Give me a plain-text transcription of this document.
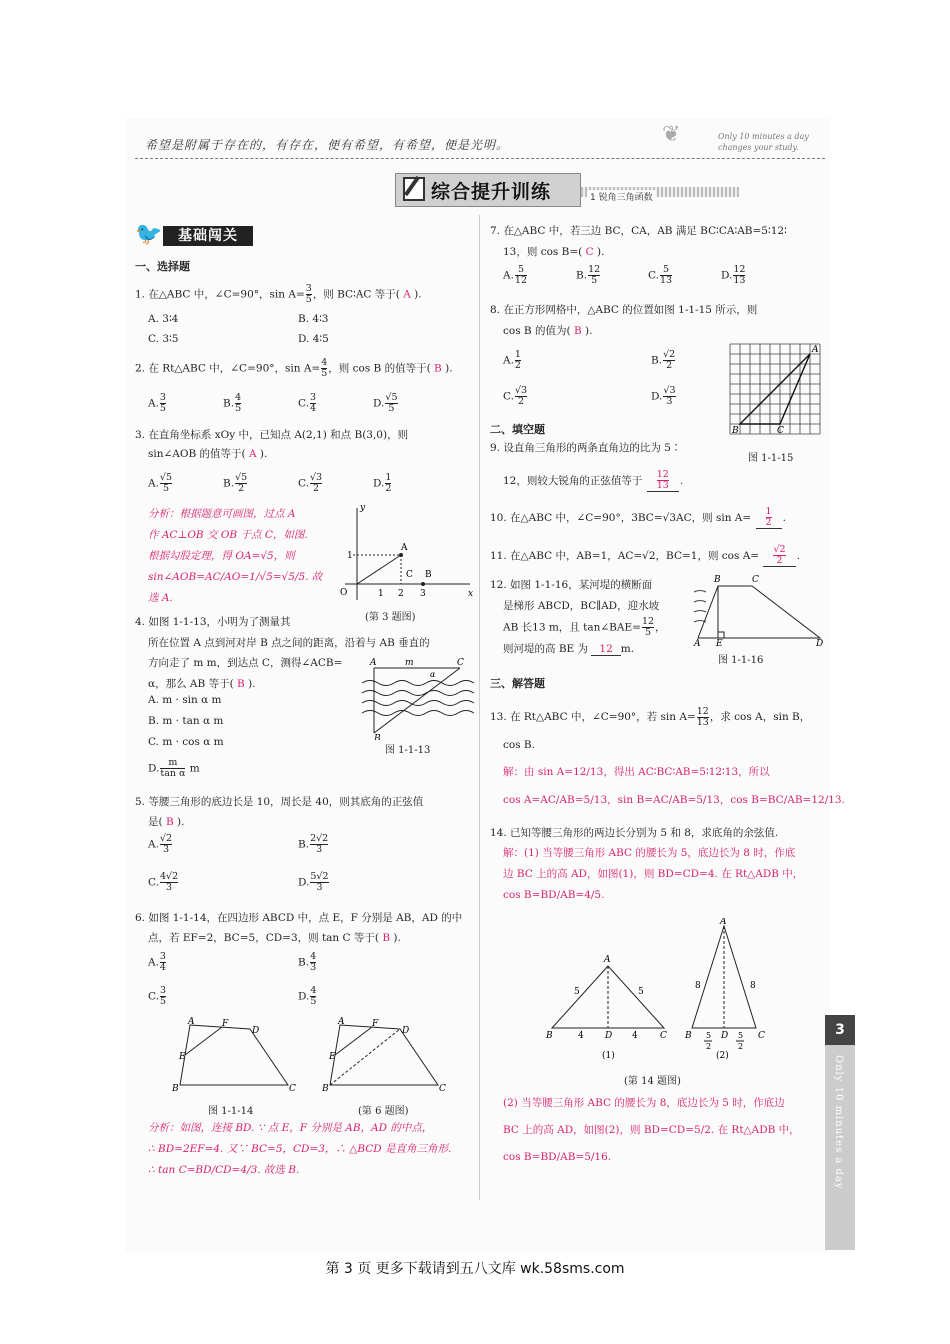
❦
希望是附属于存在的，有存在，便有希望，有希望，便是光明。
Only 10 minutes a day changes your study.
综合提升训练	1 锐角三角函数
🐦	基础闯关
一、选择题
1. 在△ABC 中，∠C=90°，$\sin A= \frac{3}{5}$ ，则 BC∶AC 等于( A ).
A. 3∶4	B. 4∶3
C. 3∶5	D. 4∶5
2. 在 Rt△ABC 中，∠C=90°，$\sin A= \frac{4}{5}$ ，则 cos B 的值等于( B ).
A. $\frac{3}{5}$	B. $\frac{4}{5}$	C. $\frac{3}{4}$	D. $\frac{√5}{5}$
3. 在直角坐标系 xOy 中，已知点 A(2,1) 和点 B(3,0)，则
sin∠AOB 的值等于( A ).
A. $\frac{√5}{5}$	B. $\frac{√5}{2}$	C. $\frac{√3}{2}$	D. $\frac{1}{2}$
分析：根据题意可画图，过点 A
作 AC⊥OB 交 OB 于点 C，如图.
根据勾股定理，得 OA=√5，则
sin∠AOB=AC/AO=1/√5=√5/5. 故选 A.	x
y
O
A
C B
1
1 2 3
(第 3 题图)
4. 如图 1-1-13，小明为了测量其
所在位置 A 点到河对岸 B 点之间的距离，沿着与 AB 垂直的
方向走了 m m，到达点 C，测得∠ACB=
α，那么 AB 等于( B ).
A. m · sin α m
B. m · tan α m
C. m · cos α m
D. $\frac{m}{\text{tan α}}$ m
A	m	C
α
B
图 1-1-13
5. 等腰三角形的底边长是 10，周长是 40，则其底角的正弦值
是( B ).
A. $\frac{√2}{3}$	B. $\frac{2√2}{3}$
C. $\frac{4√2}{3}$	D. $\frac{5√2}{3}$
6. 如图 1-1-14，在四边形 ABCD 中，点 E，F 分别是 AB，AD 的中
点，若 EF=2，BC=5，CD=3，则 tan C 等于( B ).
A. $\frac{3}{4}$	B. $\frac{4}{3}$
C. $\frac{3}{5}$	D. $\frac{4}{5}$
A	F
D
E
B	C
图 1-1-14
A	F
D
E
B	C
(第 6 题图)
分析：如图，连接 BD. ∵ 点 E，F 分别是 AB，AD 的中点，
∴ BD=2EF=4. 又∵ BC=5，CD=3，∴ △BCD 是直角三角形.
∴ tan C=BD/CD=4/3. 故选 B.
7. 在△ABC 中，若三边 BC，CA，AB 满足 BC∶CA∶AB=5∶12∶
13，则 cos B=( C ).
A. $\frac{5}{12}$	B. $\frac{12}{5}$	C. $\frac{5}{13}$	D. $\frac{12}{13}$
8. 在正方形网格中，△ABC 的位置如图 1-1-15 所示，则
cos B 的值为( B ).
A. $\frac{1}{2}$	B. $\frac{√2}{2}$
C. $\frac{√3}{2}$	D. $\frac{√3}{3}$
A
B	C
图 1-1-15
二、填空题
9. 设直角三角形的两条直角边的比为 5∶
12，则较大锐角的正弦值等于 $\frac{12}{13}$ .
10. 在△ABC 中，∠C=90°，3BC=√3AC，则 $\sin A= \frac{1}{2}$ .
11. 在△ABC 中，AB=1，AC=√2，BC=1，则 $\cos A= \frac{√2}{2}$ .
12. 如图 1-1-16，某河堤的横断面
是梯形 ABCD，BC∥AD，迎水坡
AB 长13 m，且 tan∠BAE= $\frac{12}{5}$ ，
则河堤的高 BE 为 12 m.
B	C
A E	D
图 1-1-16
三、解答题
13. 在 Rt△ABC 中，∠C=90°，若 $\sin A= \frac{12}{13}$ ，求 cos A，sin B，
cos B.
解：由 sin A=12/13，得出 AC∶BC∶AB=5∶12∶13，所以
cos A=AC/AB=5/13，sin B=AC/AB=5/13，cos B=BC/AB=12/13.
14. 已知等腰三角形的两边长分别为 5 和 8，求底角的余弦值.
解：(1) 当等腰三角形 ABC 的腰长为 5，底边长为 8 时，作底
边 BC 上的高 AD，如图(1)，则 BD=CD=4. 在 Rt△ADB 中，
cos B=BD/AB=4/5.
A
B	D	C
5	5
4	4
(1)
A
B	D	C
8	8
5
2
5
2
(2)
(第 14 题图)
(2) 当等腰三角形 ABC 的腰长为 8，底边长为 5 时，作底边
BC 上的高 AD，如图(2)，则 BD=CD=5/2. 在 Rt△ADB 中，
cos B=BD/AB=5/16.
3
Only 10 minutes a day
第 3 页 更多下载请到五八文库 wk.58sms.com
